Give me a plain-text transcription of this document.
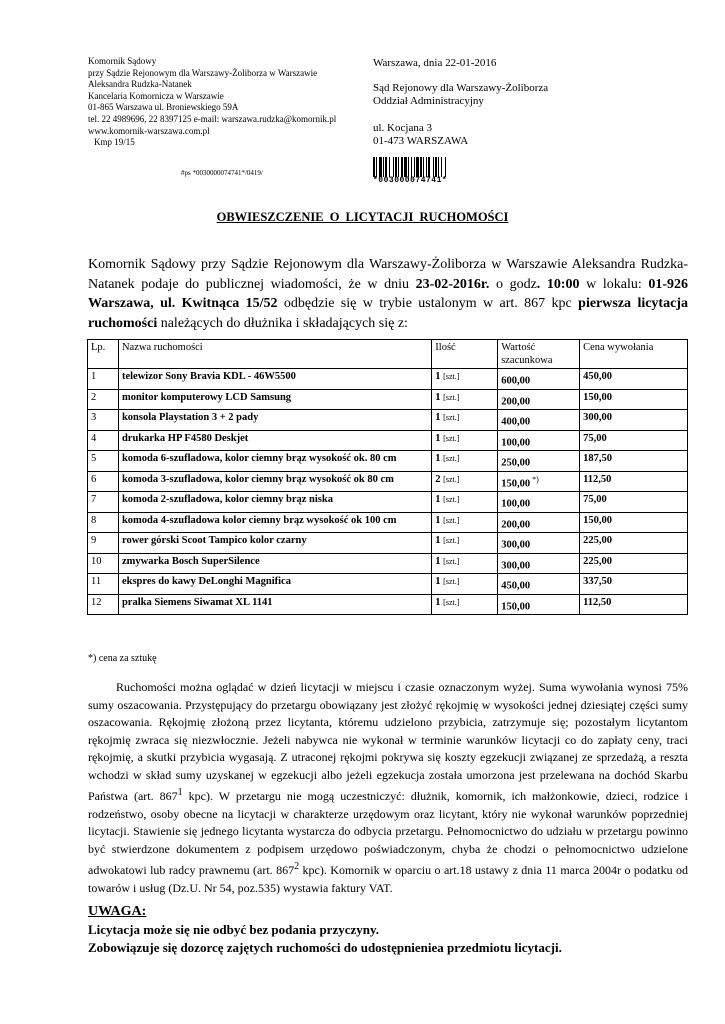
Komornik Sądowy
przy Sądzie Rejonowym dla Warszawy-Żoliborza w Warszawie
Aleksandra Rudzka-Natanek
Kancelaria Komornicza w Warszawie
01-865 Warszawa ul. Broniewskiego 59A
tel. 22 4989696, 22 8397125 e-mail: warszawa.rudzka@komornik.pl
www.komornik-warszawa.com.pl
Kmp 19/15
Warszawa, dnia 22-01-2016
Sąd Rejonowy dla Warszawy-Żoliborza
Oddział Administracyjny
ul. Kocjana 3
01-473 WARSZAWA
*003000074741*
#ps *0030000074741*/0419/
OBWIESZCZENIE O LICYTACJI RUCHOMOŚCI
Komornik Sądowy przy Sądzie Rejonowym dla Warszawy-Żoliborza w Warszawie Aleksandra Rudzka-Natanek podaje do publicznej wiadomości, że w dniu 23-02-2016r. o godz. 10:00 w lokalu: 01-926 Warszawa, ul. Kwitnąca 15/52 odbędzie się w trybie ustalonym w art. 867 kpc pierwsza licytacja ruchomości należących do dłużnika i składających się z:
Lp.	Nazwa ruchomości	Ilość	Wartość szacunkowa	Cena wywołania
1	telewizor Sony Bravia KDL - 46W5500	1 [szt.]	600,00	450,00
2	monitor komputerowy LCD Samsung	1 [szt.]	200,00	150,00
3	konsola Playstation 3 + 2 pady	1 [szt.]	400,00	300,00
4	drukarka HP F4580 Deskjet	1 [szt.]	100,00	75,00
5	komoda 6-szufladowa, kolor ciemny brąz wysokość ok. 80 cm	1 [szt.]	250,00	187,50
6	komoda 3-szufladowa, kolor ciemny brąz wysokość ok 80 cm	2 [szt.]	150,00 *)	112,50
7	komoda 2-szufladowa, kolor ciemny brąz niska	1 [szt.]	100,00	75,00
8	komoda 4-szufladowa kolor ciemny brąz wysokość ok 100 cm	1 [szt.]	200,00	150,00
9	rower górski Scoot Tampico kolor czarny	1 [szt.]	300,00	225,00
10	zmywarka Bosch SuperSilence	1 [szt.]	300,00	225,00
11	ekspres do kawy DeLonghi Magnifica	1 [szt.]	450,00	337,50
12	pralka Siemens Siwamat XL 1141	1 [szt.]	150,00	112,50
*) cena za sztukę

Ruchomości można oglądać w dzień licytacji w miejscu i czasie oznaczonym wyżej. Suma wywołania wynosi 75% sumy oszacowania. Przystępujący do przetargu obowiązany jest złożyć rękojmię w wysokości jednej dziesiątej części sumy oszacowania. Rękojmię złożoną przez licytanta, któremu udzielono przybicia, zatrzymuje się; pozostałym licytantom rękojmię zwraca się niezwłocznie. Jeżeli nabywca nie wykonał w terminie warunków licytacji co do zapłaty ceny, traci rękojmię, a skutki przybicia wygasają. Z utraconej rękojmi pokrywa się koszty egzekucji związanej ze sprzedażą, a reszta wchodzi w skład sumy uzyskanej w egzekucji albo jeżeli egzekucja została umorzona jest przelewana na dochód Skarbu Państwa (art. $867^1$ kpc). W przetargu nie mogą uczestniczyć: dłużnik, komornik, ich małżonkowie, dzieci, rodzice i rodzeństwo, osoby obecne na licytacji w charakterze urzędowym oraz licytant, który nie wykonał warunków poprzedniej licytacji. Stawienie się jednego licytanta wystarcza do odbycia przetargu. Pełnomocnictwo do udziału w przetargu powinno być stwierdzone dokumentem z podpisem urzędowo poświadczonym, chyba że chodzi o pełnomocnictwo udzielone adwokatowi lub radcy prawnemu (art. $867^2$ kpc). Komornik w oparciu o art.18 ustawy z dnia 11 marca 2004r o podatku od towarów i usług (Dz.U. Nr 54, poz.535) wystawia faktury VAT.

UWAGA:
Licytacja może się nie odbyć bez podania przyczyny.
Zobowiązuje się dozorcę zajętych ruchomości do udostępnieniea przedmiotu licytacji.
